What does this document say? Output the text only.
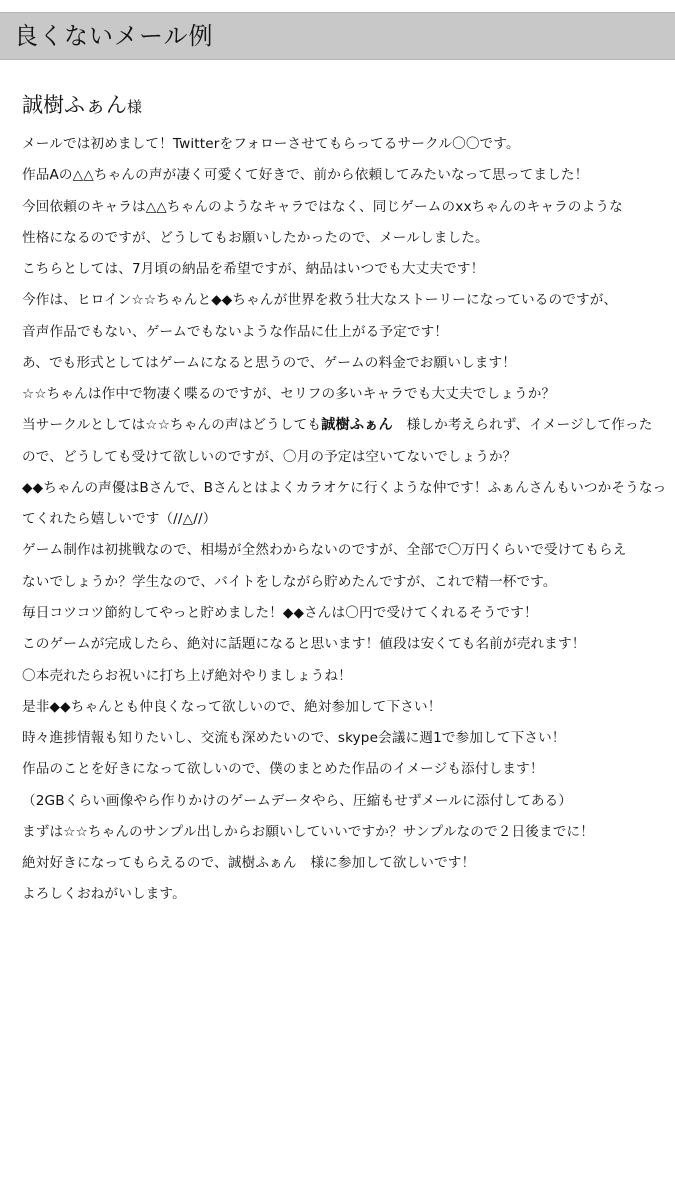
良くないメール例
誠樹ふぁん様
メールでは初めまして！Twitterをフォローさせてもらってるサークル〇〇です。
作品Aの△△ちゃんの声が凄く可愛くて好きで、前から依頼してみたいなって思ってました！
今回依頼のキャラは△△ちゃんのようなキャラではなく、同じゲームのxxちゃんのキャラのような
性格になるのですが、どうしてもお願いしたかったので、メールしました。
こちらとしては、7月頃の納品を希望ですが、納品はいつでも大丈夫です！
今作は、ヒロイン☆☆ちゃんと◆◆ちゃんが世界を救う壮大なストーリーになっているのですが、
音声作品でもない、ゲームでもないような作品に仕上がる予定です！
あ、でも形式としてはゲームになると思うので、ゲームの料金でお願いします！
☆☆ちゃんは作中で物凄く喋るのですが、セリフの多いキャラでも大丈夫でしょうか？
当サークルとしては☆☆ちゃんの声はどうしても誠樹ふぁん　様しか考えられず、イメージして作った
ので、どうしても受けて欲しいのですが、〇月の予定は空いてないでしょうか？
◆◆ちゃんの声優はBさんで、Bさんとはよくカラオケに行くような仲です！ふぁんさんもいつかそうなっ
てくれたら嬉しいです（//△//）
ゲーム制作は初挑戦なので、相場が全然わからないのですが、全部で〇万円くらいで受けてもらえ
ないでしょうか？学生なので、バイトをしながら貯めたんですが、これで精一杯です。
毎日コツコツ節約してやっと貯めました！◆◆さんは〇円で受けてくれるそうです！
このゲームが完成したら、絶対に話題になると思います！値段は安くても名前が売れます！
〇本売れたらお祝いに打ち上げ絶対やりましょうね！
是非◆◆ちゃんとも仲良くなって欲しいので、絶対参加して下さい！
時々進捗情報も知りたいし、交流も深めたいので、skype会議に週1で参加して下さい！
作品のことを好きになって欲しいので、僕のまとめた作品のイメージも添付します！
（2GBくらい画像やら作りかけのゲームデータやら、圧縮もせずメールに添付してある）
まずは☆☆ちゃんのサンプル出しからお願いしていいですか？サンプルなので２日後までに！
絶対好きになってもらえるので、誠樹ふぁん　様に参加して欲しいです！
よろしくおねがいします。
